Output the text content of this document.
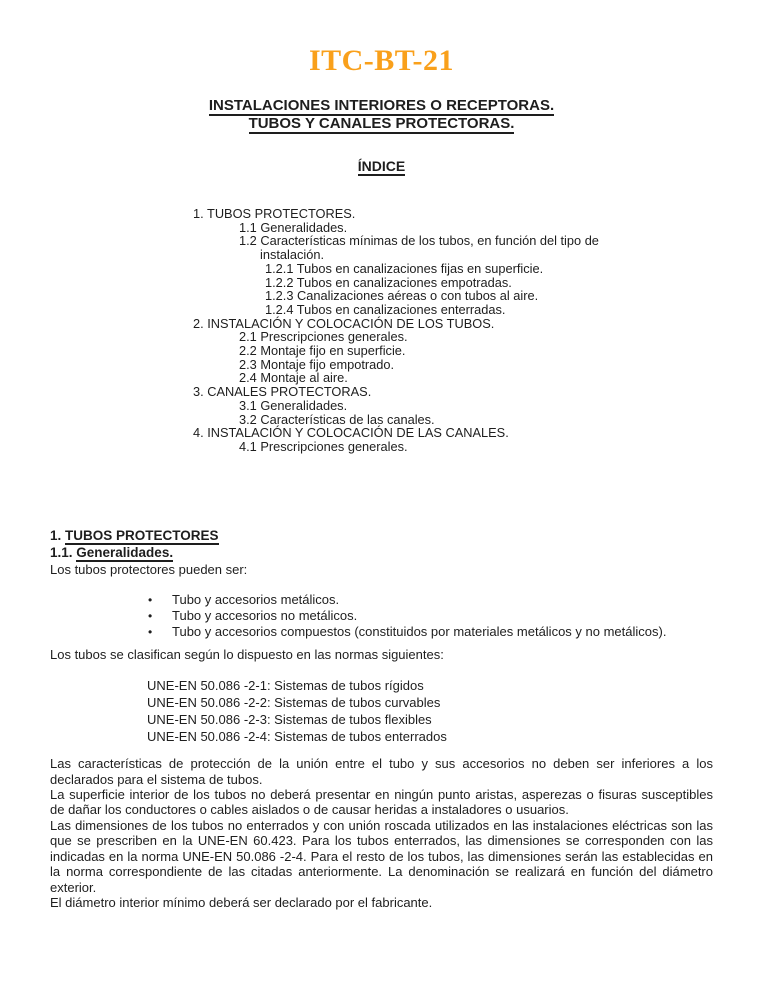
ITC-BT-21
INSTALACIONES INTERIORES O RECEPTORAS.
TUBOS Y CANALES PROTECTORAS.
ÍNDICE
1. TUBOS PROTECTORES.
1.1 Generalidades.
1.2 Características mínimas de los tubos, en función del tipo de
instalación.
1.2.1 Tubos en canalizaciones fijas en superficie.
1.2.2 Tubos en canalizaciones empotradas.
1.2.3 Canalizaciones aéreas o con tubos al aire.
1.2.4 Tubos en canalizaciones enterradas.
2. INSTALACIÓN Y COLOCACIÓN DE LOS TUBOS.
2.1 Prescripciones generales.
2.2 Montaje fijo en superficie.
2.3 Montaje fijo empotrado.
2.4 Montaje al aire.
3. CANALES PROTECTORAS.
3.1 Generalidades.
3.2 Características de las canales.
4. INSTALACIÓN Y COLOCACIÓN DE LAS CANALES.
4.1 Prescripciones generales.
1. TUBOS PROTECTORES
1.1. Generalidades.

Los tubos protectores pueden ser:

•	Tubo y accesorios metálicos.
•	Tubo y accesorios no metálicos.
•	Tubo y accesorios compuestos (constituidos por materiales metálicos y no metálicos).

Los tubos se clasifican según lo dispuesto en las normas siguientes:

UNE-EN 50.086 -2-1: Sistemas de tubos rígidos
UNE-EN 50.086 -2-2: Sistemas de tubos curvables
UNE-EN 50.086 -2-3: Sistemas de tubos flexibles
UNE-EN 50.086 -2-4: Sistemas de tubos enterrados

Las características de protección de la unión entre el tubo y sus accesorios no deben ser inferiores a los declarados para el sistema de tubos.

La superficie interior de los tubos no deberá presentar en ningún punto aristas, asperezas o fisuras susceptibles de dañar los conductores o cables aislados o de causar heridas a instaladores o usuarios.

Las dimensiones de los tubos no enterrados y con unión roscada utilizados en las instalaciones eléctricas son las que se prescriben en la UNE-EN 60.423. Para los tubos enterrados, las dimensiones se corresponden con las indicadas en la norma UNE-EN 50.086 -2-4. Para el resto de los tubos, las dimensiones serán las establecidas en la norma correspondiente de las citadas anteriormente. La denominación se realizará en función del diámetro exterior.

El diámetro interior mínimo deberá ser declarado por el fabricante.
